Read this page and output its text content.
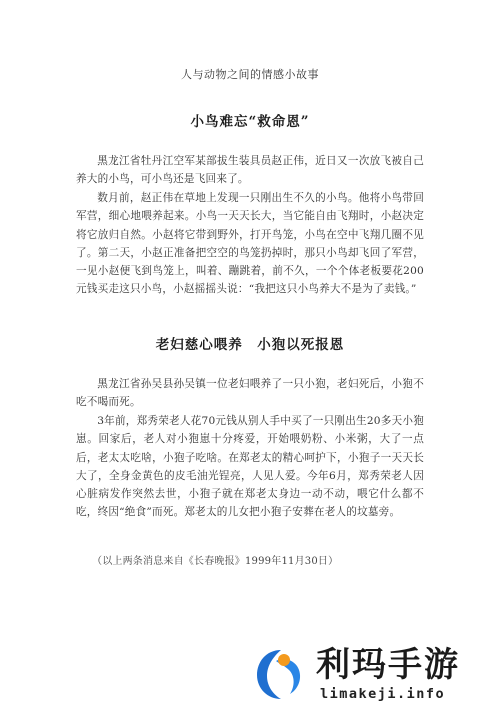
人与动物之间的情感小故事
小鸟难忘“救命恩”

黑龙江省牡丹江空军某部拔生装具员赵正伟，近日又一次放飞被自己养大的小鸟，可小鸟还是飞回来了。

数月前，赵正伟在草地上发现一只刚出生不久的小鸟。他将小鸟带回军营，细心地喂养起来。小鸟一天天长大，当它能自由飞翔时，小赵决定将它放归自然。小赵将它带到野外，打开鸟笼，小鸟在空中飞翔几圈不见了。第二天，小赵正准备把空空的鸟笼扔掉时，那只小鸟却飞回了军营，一见小赵便飞到鸟笼上，叫着、蹦跳着，前不久，一个个体老板要花200元钱买走这只小鸟，小赵摇摇头说：“我把这只小鸟养大不是为了卖钱。”

老妇慈心喂养　小狍以死报恩

黑龙江省孙吴县孙吴镇一位老妇喂养了一只小狍，老妇死后，小狍不吃不喝而死。

3年前，郑秀荣老人花70元钱从别人手中买了一只刚出生20多天小狍崽。回家后，老人对小狍崽十分疼爱，开始喂奶粉、小米粥，大了一点后，老太太吃啥，小狍子吃啥。在郑老太的精心呵护下，小狍子一天天长大了，全身金黄色的皮毛油光锃亮，人见人爱。今年6月，郑秀荣老人因心脏病发作突然去世，小狍子就在郑老太身边一动不动，喂它什么都不吃，终因“绝食”而死。郑老太的儿女把小狍子安葬在老人的坟墓旁。

（以上两条消息来自《长春晚报》1999年11月30日）

利玛手游
limakeji.info
